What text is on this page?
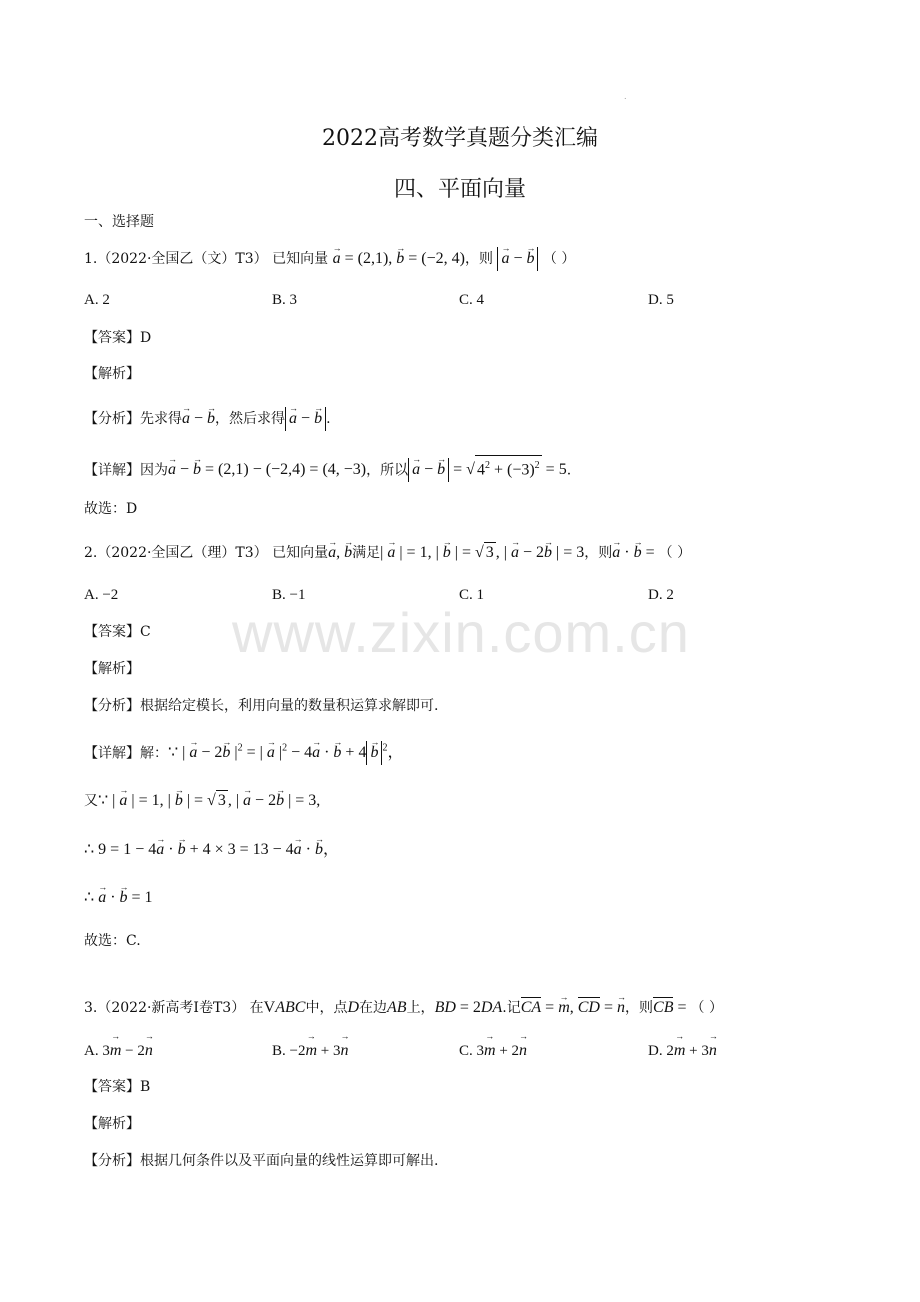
www.zixin.com.cn
.
2022高考数学真题分类汇编
四、平面向量
一、选择题
1.（2022·全国乙（文）T3） 已知向量 → a = (2,1), → b = (−2, 4)，则 → a − → b （ ）
A. 2	B. 3	C. 4	D. 5
【答案】D
【解析】
【分析】先求得→ a − → b，然后求得 → a − → b .
【详解】因为→ a − → b = (2,1) − (−2,4) = (4, −3)，所以 → a − → b = √ $4^2 + (-3)^2 = 5$.
故选：D
2.（2022·全国乙（理）T3） 已知向量→ a, → b满足| → a | = 1, | → b | = √ 3 , | → a − 2→ b | = 3，则→ a · → b = （ ）
A. −2	B. −1	C. 1	D. 2
【答案】C
【解析】
【分析】根据给定模长，利用向量的数量积运算求解即可.
【详解】解：∵ | → a − 2→ b $|^2$ = | → a $|^2 - 4\to a$ · → b + 4 → b $^2$，
又∵ | → a | = 1, | → b | = √ 3 , | → a − 2→ b | = 3,
∴ 9 = 1 − 4→ a · → b + 4 × 3 = 13 − 4→ a · → b，
∴ → a · → b = 1
故选：C.
3.（2022·新高考Ⅰ卷T3） 在VABC中，点D在边AB上，BD = 2DA.记CA = → m, CD = → n，则CB = （ ）
A. 3→ m − 2→ n	B. −2→ m + 3→ n	C. 3→ m + 2→ n	D. 2→ m + 3→ n
【答案】B
【解析】
【分析】根据几何条件以及平面向量的线性运算即可解出.
